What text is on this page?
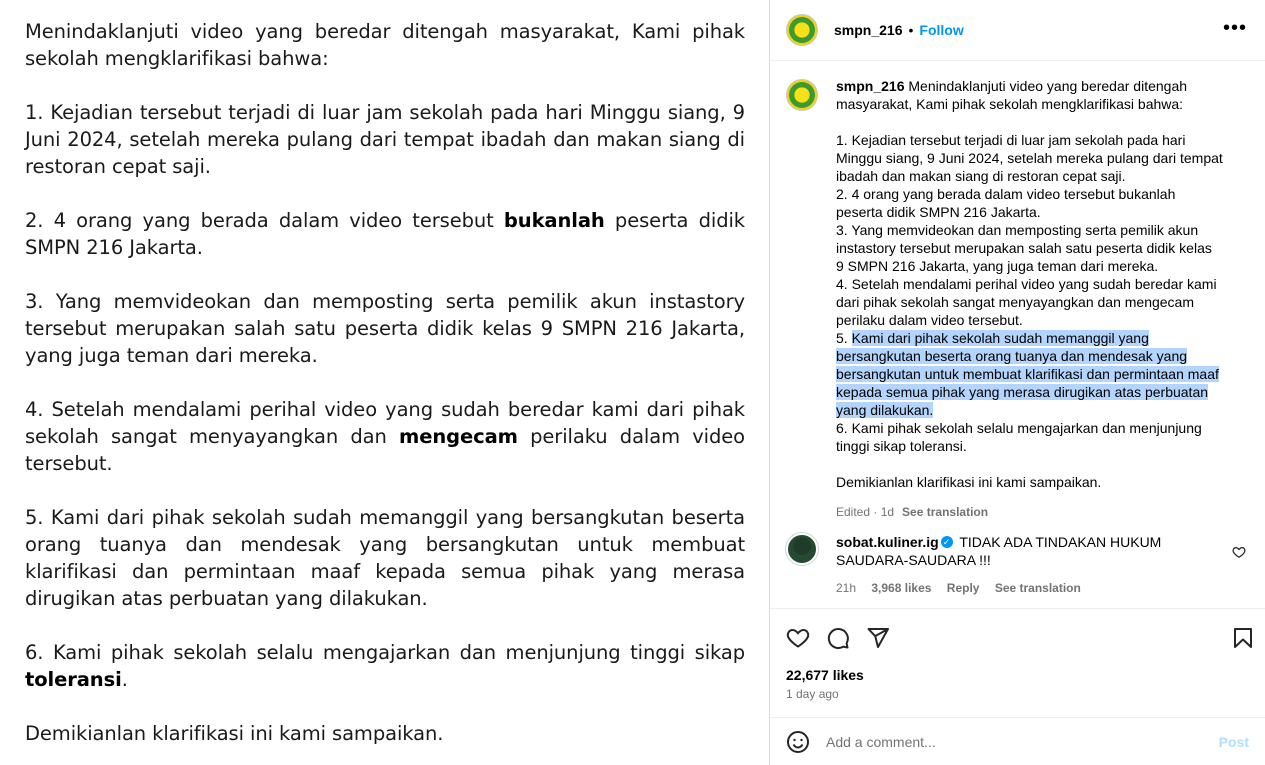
Menindaklanjuti video yang beredar ditengah masyarakat, Kami pihak sekolah mengklarifikasi bahwa:

1. Kejadian tersebut terjadi di luar jam sekolah pada hari Minggu siang, 9 Juni 2024, setelah mereka pulang dari tempat ibadah dan makan siang di restoran cepat saji.

2. 4 orang yang berada dalam video tersebut bukanlah peserta didik SMPN 216 Jakarta.

3. Yang memvideokan dan memposting serta pemilik akun instastory tersebut merupakan salah satu peserta didik kelas 9 SMPN 216 Jakarta, yang juga teman dari mereka.

4. Setelah mendalami perihal video yang sudah beredar kami dari pihak sekolah sangat menyayangkan dan mengecam perilaku dalam video tersebut.

5. Kami dari pihak sekolah sudah memanggil yang bersangkutan beserta orang tuanya dan mendesak yang bersangkutan untuk membuat klarifikasi dan permintaan maaf kepada semua pihak yang merasa dirugikan atas perbuatan yang dilakukan.

6. Kami pihak sekolah selalu mengajarkan dan menjunjung tinggi sikap toleransi.

Demikianlan klarifikasi ini kami sampaikan.

smpn_216 • Follow	•••
smpn_216 Menindaklanjuti video yang beredar ditengah
masyarakat, Kami pihak sekolah mengklarifikasi bahwa:

1. Kejadian tersebut terjadi di luar jam sekolah pada hari
Minggu siang, 9 Juni 2024, setelah mereka pulang dari tempat
ibadah dan makan siang di restoran cepat saji.
2. 4 orang yang berada dalam video tersebut bukanlah
peserta didik SMPN 216 Jakarta.
3. Yang memvideokan dan memposting serta pemilik akun
instastory tersebut merupakan salah satu peserta didik kelas
9 SMPN 216 Jakarta, yang juga teman dari mereka.
4. Setelah mendalami perihal video yang sudah beredar kami
dari pihak sekolah sangat menyayangkan dan mengecam
perilaku dalam video tersebut.
5. Kami dari pihak sekolah sudah memanggil yang
bersangkutan beserta orang tuanya dan mendesak yang
bersangkutan untuk membuat klarifikasi dan permintaan maaf
kepada semua pihak yang merasa dirugikan atas perbuatan
yang dilakukan.
6. Kami pihak sekolah selalu mengajarkan dan menjunjung
tinggi sikap toleransi.

Demikianlan klarifikasi ini kami sampaikan.
Edited · 1d See translation
sobat.kuliner.ig ✓ TIDAK ADA TINDAKAN HUKUM SAUDARA-SAUDARA !!!
21h 3,968 likes Reply See translation
22,677 likes
1 day ago
Add a comment...
Post
